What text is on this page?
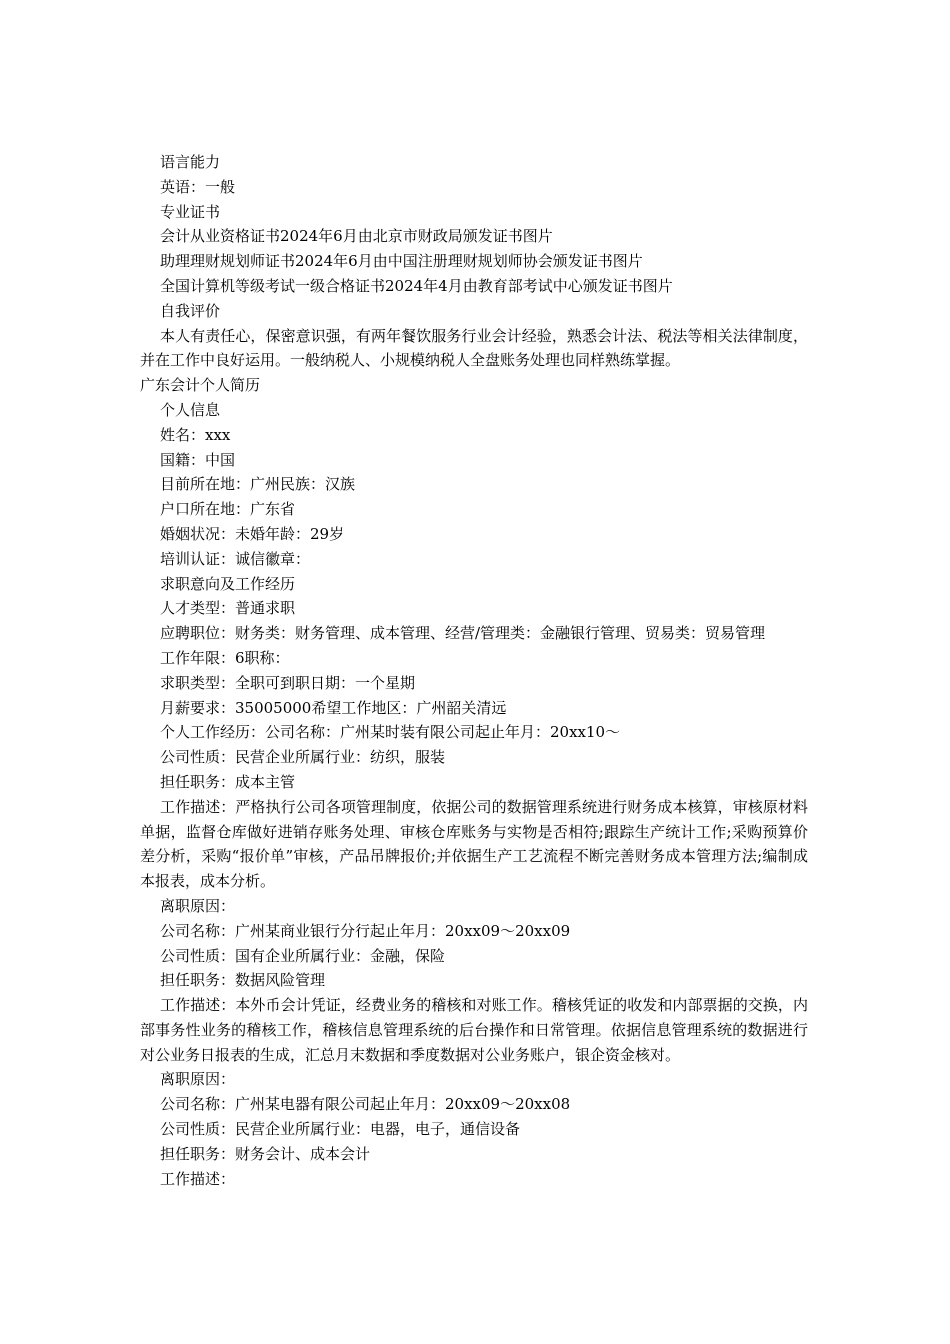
语言能力

英语：一般

专业证书

会计从业资格证书2024年6月由北京市财政局颁发证书图片

助理理财规划师证书2024年6月由中国注册理财规划师协会颁发证书图片

全国计算机等级考试一级合格证书2024年4月由教育部考试中心颁发证书图片

自我评价

本人有责任心，保密意识强，有两年餐饮服务行业会计经验，熟悉会计法、税法等相关法律制度，并在工作中良好运用。一般纳税人、小规模纳税人全盘账务处理也同样熟练掌握。

广东会计个人简历

个人信息

姓名：xxx

国籍：中国

目前所在地：广州民族：汉族

户口所在地：广东省

婚姻状况：未婚年龄：29岁

培训认证：诚信徽章：

求职意向及工作经历

人才类型：普通求职

应聘职位：财务类：财务管理、成本管理、经营/管理类：金融银行管理、贸易类：贸易管理

工作年限：6职称：

求职类型：全职可到职日期：一个星期

月薪要求：35005000希望工作地区：广州韶关清远

个人工作经历：公司名称：广州某时装有限公司起止年月：20xx10～

公司性质：民营企业所属行业：纺织，服装

担任职务：成本主管

工作描述：严格执行公司各项管理制度，依据公司的数据管理系统进行财务成本核算，审核原材料单据，监督仓库做好进销存账务处理、审核仓库账务与实物是否相符;跟踪生产统计工作;采购预算价差分析，采购“报价单”审核，产品吊牌报价;并依据生产工艺流程不断完善财务成本管理方法;编制成本报表，成本分析。

离职原因：

公司名称：广州某商业银行分行起止年月：20xx09～20xx09

公司性质：国有企业所属行业：金融，保险

担任职务：数据风险管理

工作描述：本外币会计凭证，经费业务的稽核和对账工作。稽核凭证的收发和内部票据的交换，内部事务性业务的稽核工作，稽核信息管理系统的后台操作和日常管理。依据信息管理系统的数据进行对公业务日报表的生成，汇总月末数据和季度数据对公业务账户，银企资金核对。

离职原因：

公司名称：广州某电器有限公司起止年月：20xx09～20xx08

公司性质：民营企业所属行业：电器，电子，通信设备

担任职务：财务会计、成本会计

工作描述：
